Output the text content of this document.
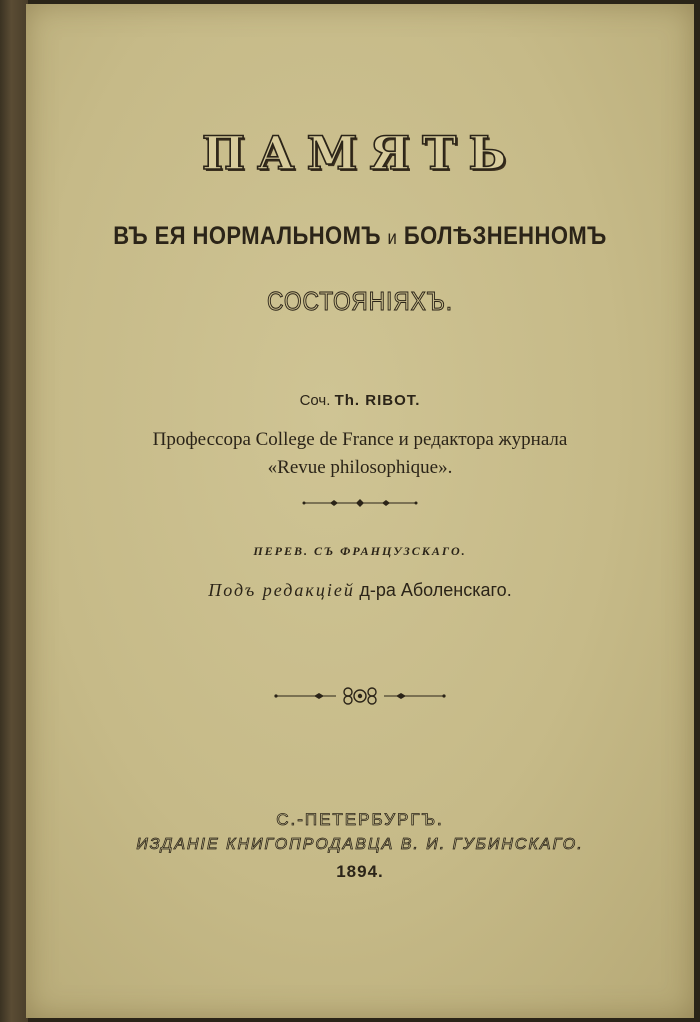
ПАМЯТЬ
ВЪ ЕЯ НОРМАЛЬНОМЪ и БОЛѢЗНЕННОМЪ
СОСТОЯНІЯХЪ.
Соч. Th. RIBOT.
Профессора College de France и редактора журнала
«Revue philosophique».
ПЕРЕВ. СЪ ФРАНЦУЗСКАГО.
Подъ редакціей д-ра Аболенскаго.
С.-ПЕТЕРБУРГЪ.
ИЗДАНІЕ КНИГОПРОДАВЦА В. И. ГУБИНСКАГО.
1894.
